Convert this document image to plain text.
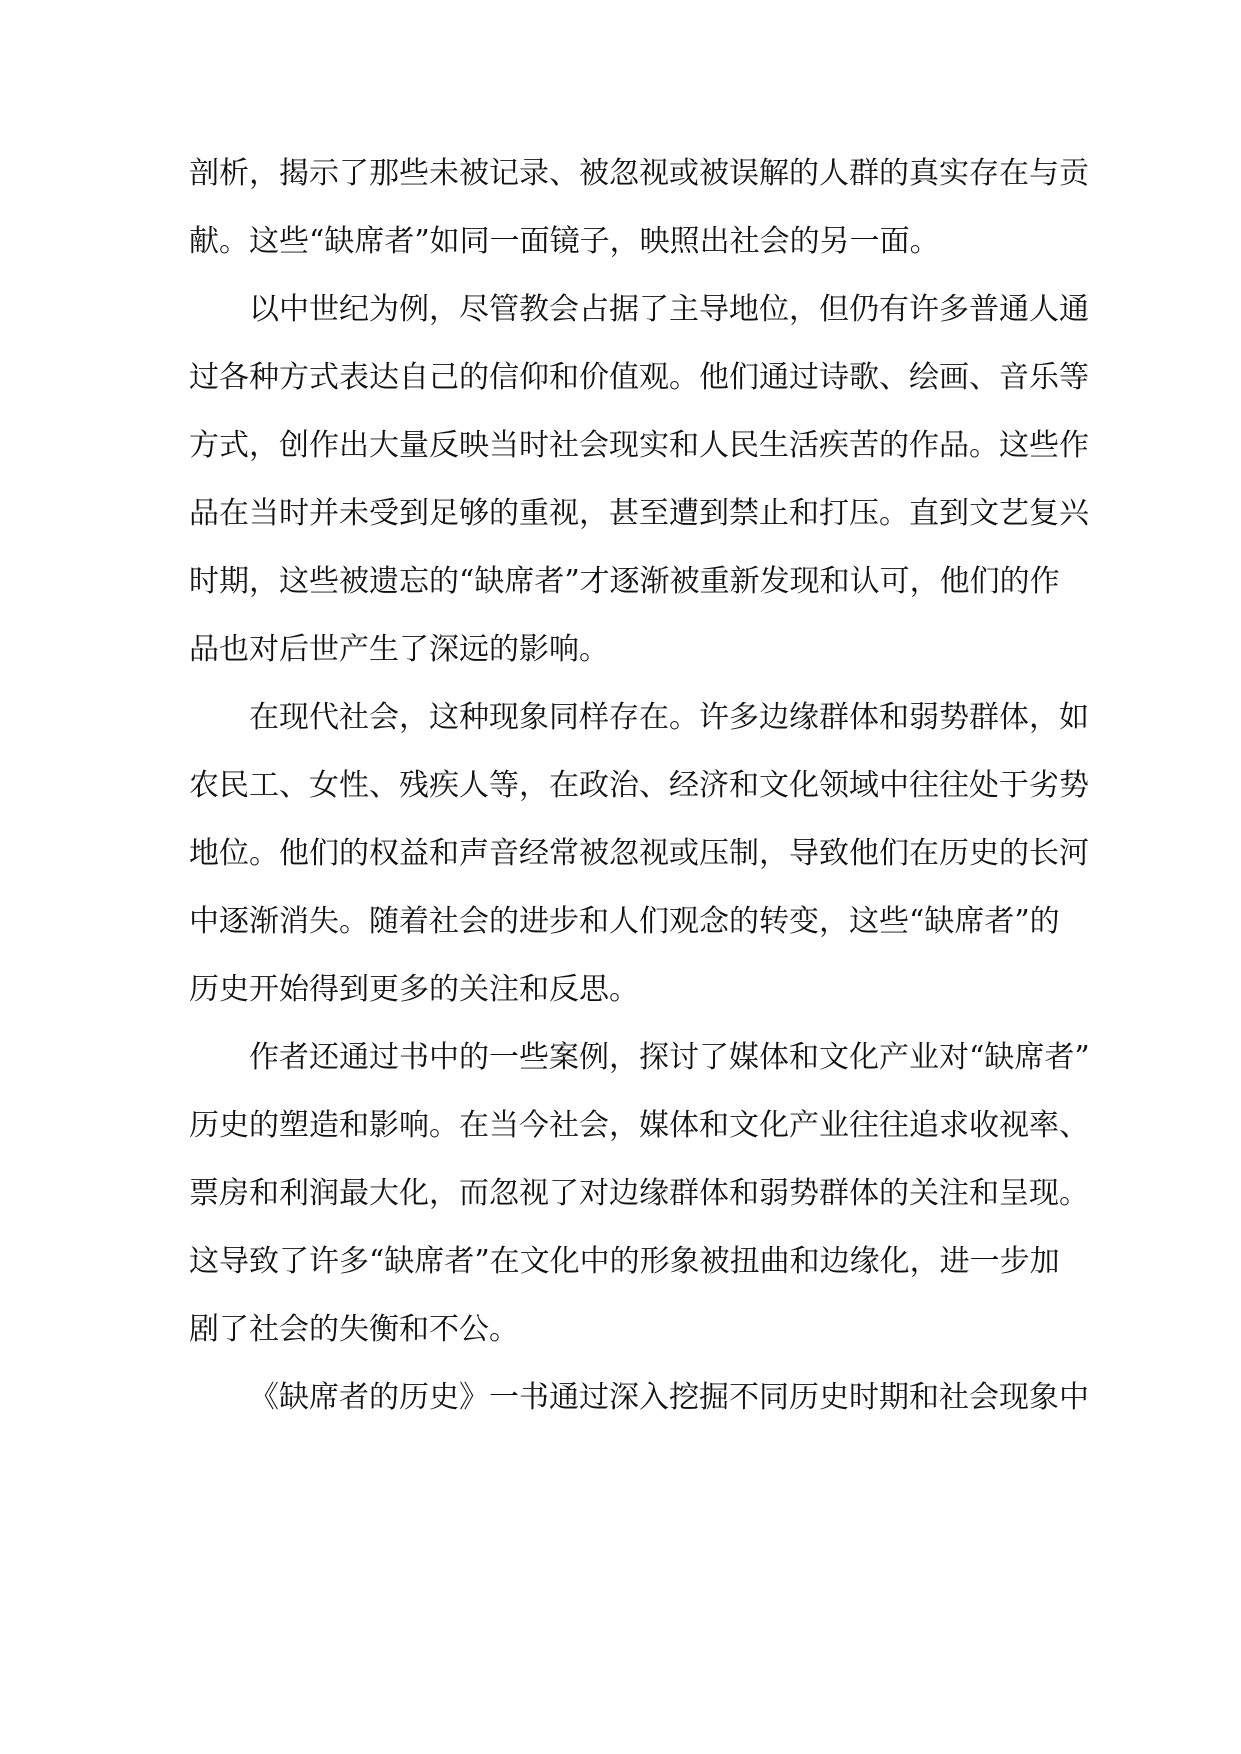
剖析，揭示了那些未被记录、被忽视或被误解的人群的真实存在与贡
献。这些“缺席者”如同一面镜子，映照出社会的另一面。
以中世纪为例，尽管教会占据了主导地位，但仍有许多普通人通
过各种方式表达自己的信仰和价值观。他们通过诗歌、绘画、音乐等
方式，创作出大量反映当时社会现实和人民生活疾苦的作品。这些作
品在当时并未受到足够的重视，甚至遭到禁止和打压。直到文艺复兴
时期，这些被遗忘的“缺席者”才逐渐被重新发现和认可，他们的作
品也对后世产生了深远的影响。
在现代社会，这种现象同样存在。许多边缘群体和弱势群体，如
农民工、女性、残疾人等，在政治、经济和文化领域中往往处于劣势
地位。他们的权益和声音经常被忽视或压制，导致他们在历史的长河
中逐渐消失。随着社会的进步和人们观念的转变，这些“缺席者”的
历史开始得到更多的关注和反思。
作者还通过书中的一些案例，探讨了媒体和文化产业对“缺席者”
历史的塑造和影响。在当今社会，媒体和文化产业往往追求收视率、
票房和利润最大化，而忽视了对边缘群体和弱势群体的关注和呈现。
这导致了许多“缺席者”在文化中的形象被扭曲和边缘化，进一步加
剧了社会的失衡和不公。
《缺席者的历史》一书通过深入挖掘不同历史时期和社会现象中
